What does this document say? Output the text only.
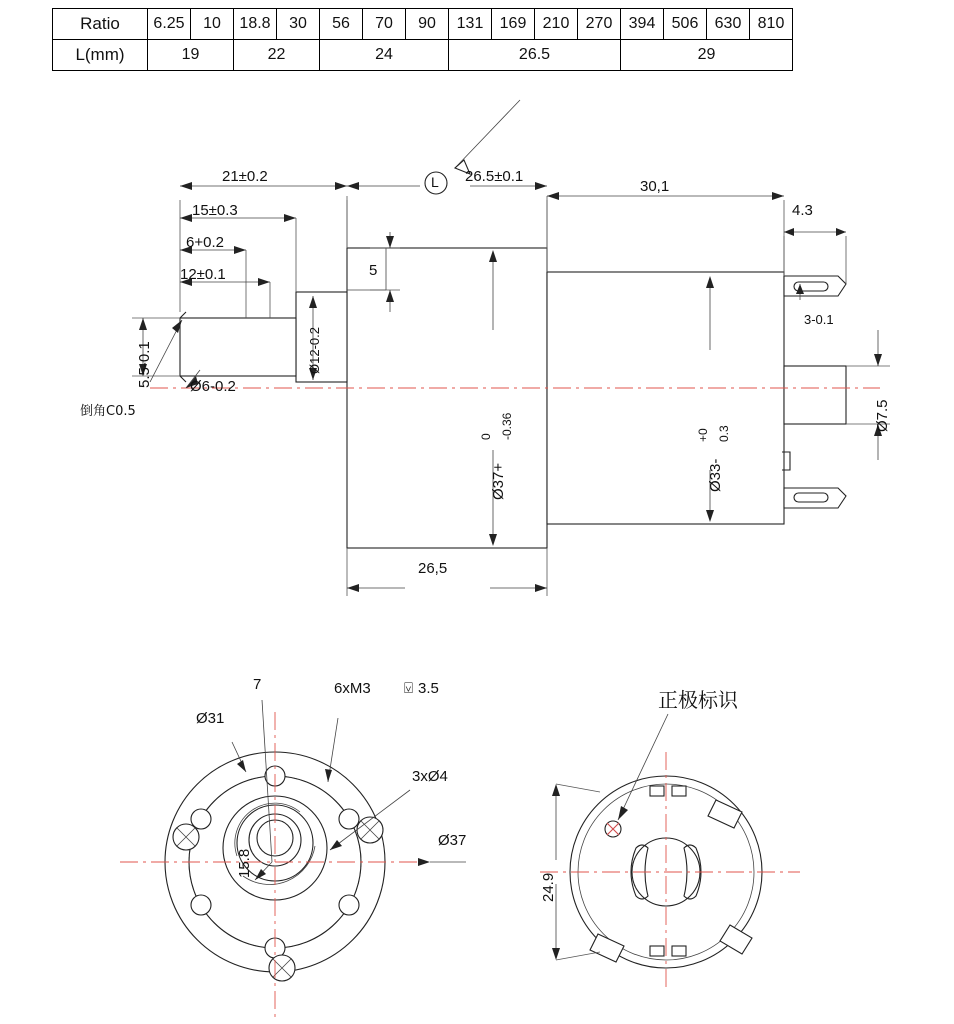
Ratio	6.25	10	18.8	30	56	70	90	131	169	210	270	394	506	630	810
L(mm)	19		22		24			26.5				29			
21±0.2
15±0.3
6+0.2
12±0.1
5.5-0.1 Ø6-0.2
倒角C0.5
Ø12-0.2
5
L 26.5±0.1
30,1
4.3
3-0.1
Ø37+
0 -0.36
Ø33-
+0 0.3
Ø7.5
26,5
7
Ø31
6xM3 ⍌ 3.5
3xØ4
Ø37
15.8
正极标识
24.9
